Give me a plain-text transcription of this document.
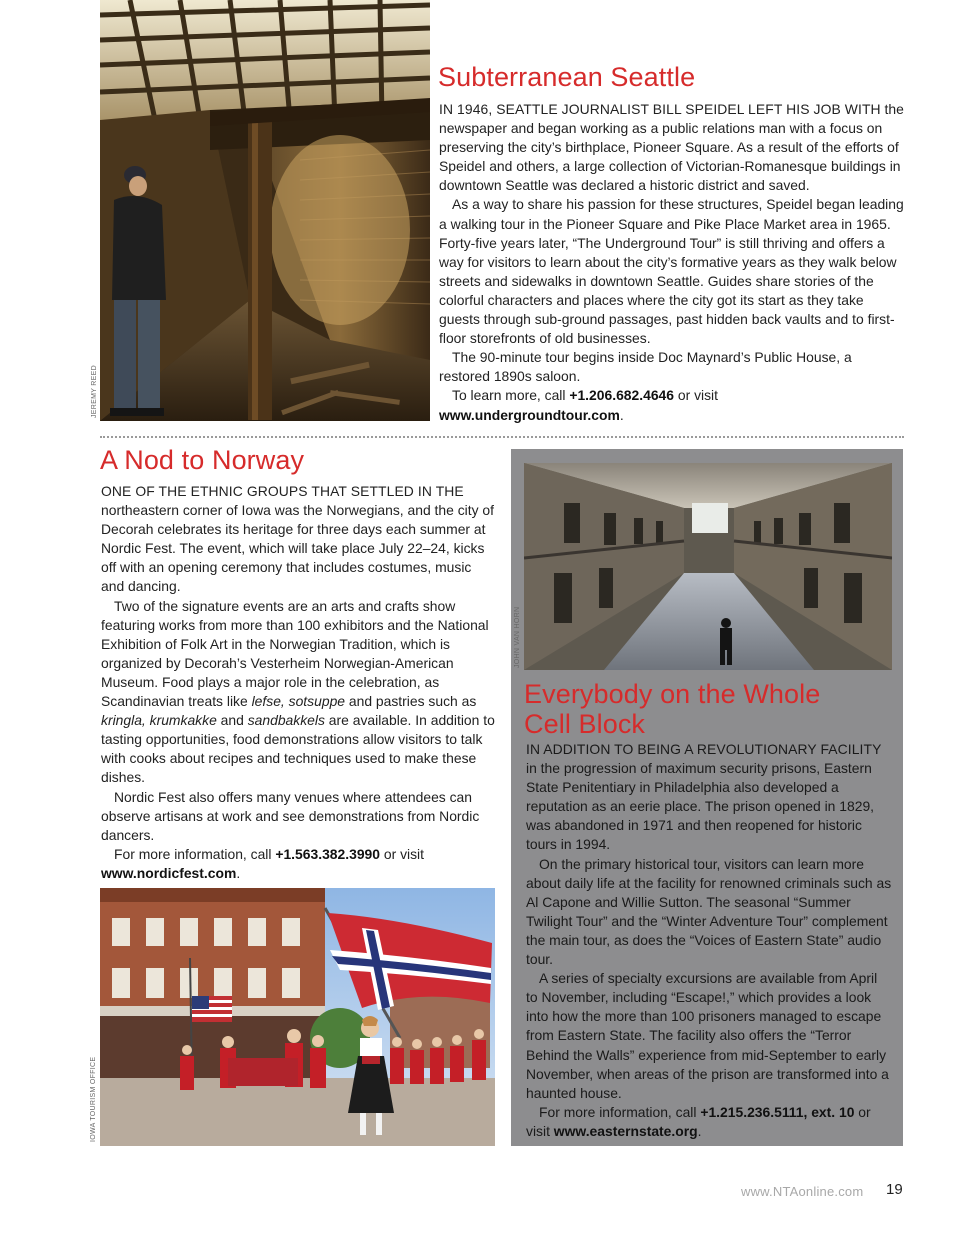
JEREMY REED
Subterranean Seattle

IN 1946, SEATTLE JOURNALIST BILL SPEIDEL LEFT HIS JOB WITH the newspaper and began working as a public relations man with a focus on preserving the city’s birthplace, Pioneer Square. As a result of the efforts of Speidel and others, a large collection of Victorian-Romanesque buildings in downtown Seattle was declared a historic district and saved.

As a way to share his passion for these structures, Speidel began leading a walking tour in the Pioneer Square and Pike Place Market area in 1965. Forty-five years later, “The Underground Tour” is still thriving and offers a way for visitors to learn about the city’s formative years as they walk below streets and sidewalks in downtown Seattle. Guides share stories of the colorful characters and places where the city got its start as they take guests through sub-ground passages, past hidden back vaults and to first-floor storefronts of old businesses.

The 90-minute tour begins inside Doc Maynard’s Public House, a restored 1890s saloon.

To learn more, call +1.206.682.4646 or visit www.undergroundtour.com.

A Nod to Norway

ONE OF THE ETHNIC GROUPS THAT SETTLED IN THE northeastern corner of Iowa was the Norwegians, and the city of Decorah celebrates its heritage for three days each summer at Nordic Fest. The event, which will take place July 22–24, kicks off with an opening ceremony that includes costumes, music and dancing.

Two of the signature events are an arts and crafts show featuring works from more than 100 exhibitors and the National Exhibition of Folk Art in the Norwegian Tradition, which is organized by Decorah’s Vesterheim Norwegian-American Museum. Food plays a major role in the celebration, as Scandinavian treats like lefse, sotsuppe and pastries such as kringla, krumkakke and sandbakkels are available. In addition to tasting opportunities, food demonstrations allow visitors to talk with cooks about recipes and techniques used to make these dishes.

Nordic Fest also offers many venues where attendees can observe artisans at work and see demonstrations from Nordic dancers.

For more information, call +1.563.382.3990 or visit www.nordicfest.com.

IOWA TOURISM OFFICE
JOHN VAN HORN
Everybody on the Whole
Cell Block

IN ADDITION TO BEING A REVOLUTIONARY FACILITY in the progression of maximum security prisons, Eastern State Penitentiary in Philadelphia also developed a reputation as an eerie place. The prison opened in 1829, was abandoned in 1971 and then reopened for historic tours in 1994.

On the primary historical tour, visitors can learn more about daily life at the facility for renowned criminals such as Al Capone and Willie Sutton. The seasonal “Summer Twilight Tour” and the “Winter Adventure Tour” complement the main tour, as does the “Voices of Eastern State” audio tour.

A series of specialty excursions are available from April to November, including “Escape!,” which provides a look into how the more than 100 prisoners managed to escape from Eastern State. The facility also offers the “Terror Behind the Walls” experience from mid-September to early November, when areas of the prison are transformed into a haunted house.

For more information, call +1.215.236.5111, ext. 10 or visit www.easternstate.org.

www.NTAonline.com 19
